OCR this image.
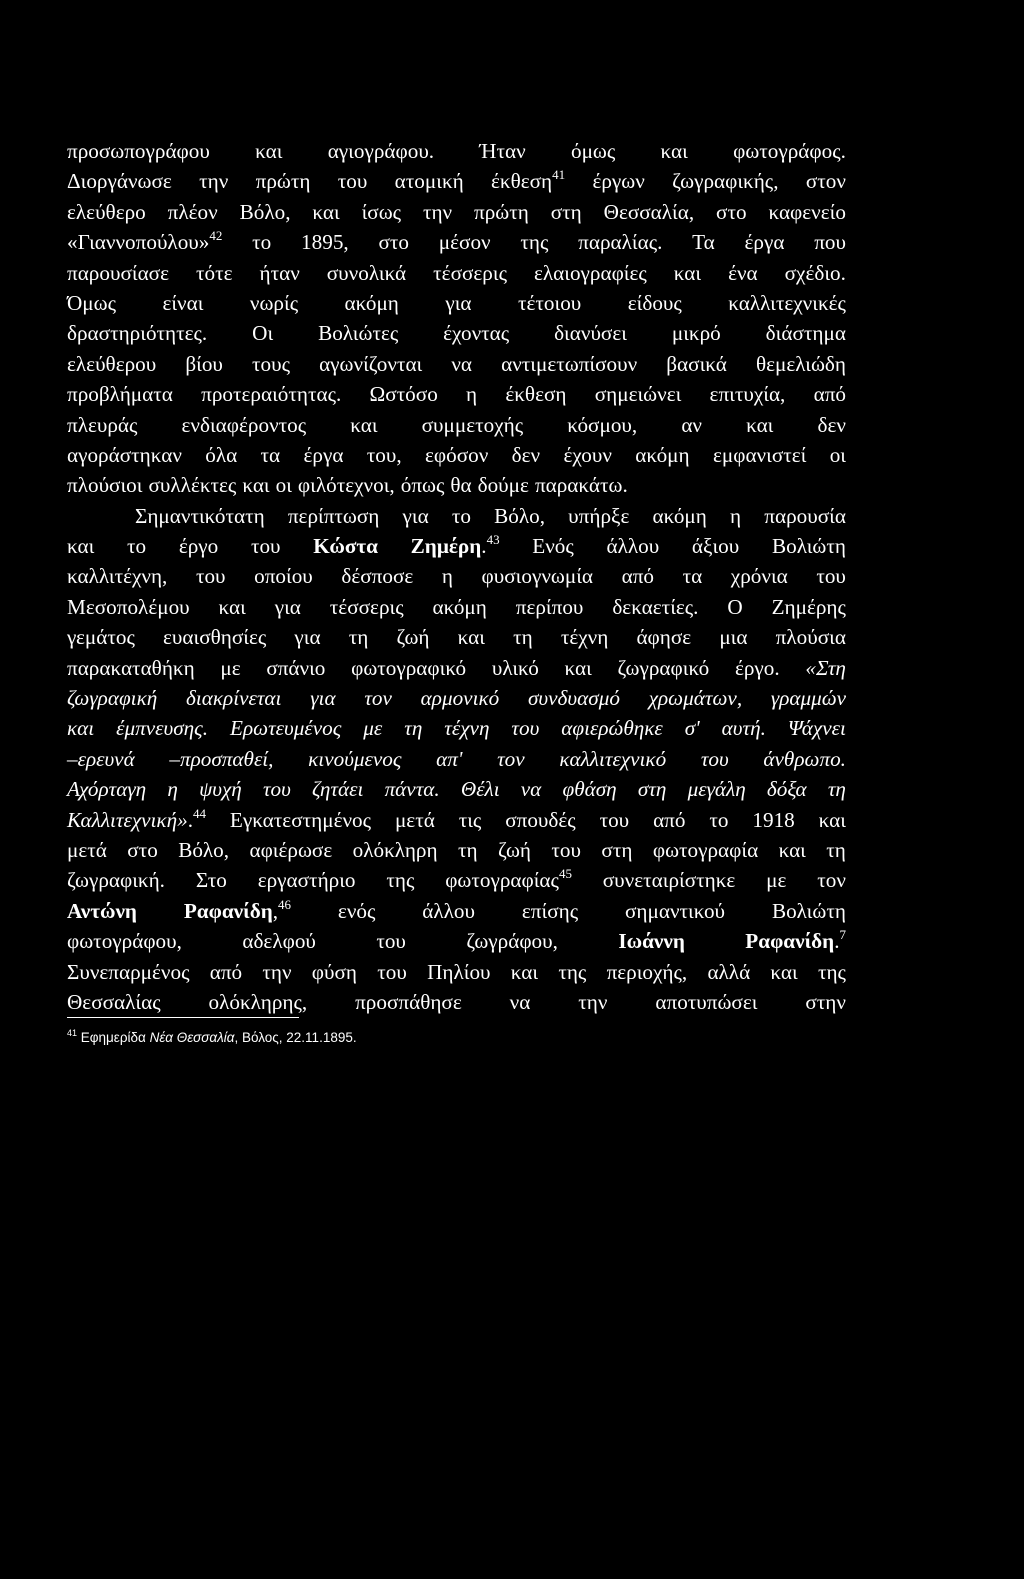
προσωπογράφου και αγιογράφου. Ήταν όμως και φωτογράφος.
Διοργάνωσε την πρώτη του ατομική έκθεση$^{41}$ έργων ζωγραφικής, στον
ελεύθερο πλέον Βόλο, και ίσως την πρώτη στη Θεσσαλία, στο καφενείο
«Γιαννοπούλου»$^{42}$ το 1895, στο μέσον της παραλίας. Τα έργα που
παρουσίασε τότε ήταν συνολικά τέσσερις ελαιογραφίες και ένα σχέδιο.
Όμως είναι νωρίς ακόμη για τέτοιου είδους καλλιτεχνικές
δραστηριότητες. Οι Βολιώτες έχοντας διανύσει μικρό διάστημα
ελεύθερου βίου τους αγωνίζονται να αντιμετωπίσουν βασικά θεμελιώδη
προβλήματα προτεραιότητας. Ωστόσο η έκθεση σημειώνει επιτυχία, από
πλευράς ενδιαφέροντος και συμμετοχής κόσμου, αν και δεν
αγοράστηκαν όλα τα έργα του, εφόσον δεν έχουν ακόμη εμφανιστεί οι
πλούσιοι συλλέκτες και οι φιλότεχνοι, όπως θα δούμε παρακάτω.
Σημαντικότατη περίπτωση για το Βόλο, υπήρξε ακόμη η παρουσία
και το έργο του Κώστα Ζημέρη.$^{43}$ Ενός άλλου άξιου Βολιώτη
καλλιτέχνη, του οποίου δέσποσε η φυσιογνωμία από τα χρόνια του
Μεσοπολέμου και για τέσσερις ακόμη περίπου δεκαετίες. Ο Ζημέρης
γεμάτος ευαισθησίες για τη ζωή και τη τέχνη άφησε μια πλούσια
παρακαταθήκη με σπάνιο φωτογραφικό υλικό και ζωγραφικό έργο. «Στη
ζωγραφική διακρίνεται για τον αρμονικό συνδυασμό χρωμάτων, γραμμών
και έμπνευσης. Ερωτευμένος με τη τέχνη του αφιερώθηκε σ' αυτή. Ψάχνει
–ερευνά –προσπαθεί, κινούμενος απ' τον καλλιτεχνικό του άνθρωπο.
Αχόρταγη η ψυχή του ζητάει πάντα. Θέλι να φθάση στη μεγάλη δόξα τη
Καλλιτεχνική».$^{44}$ Εγκατεστημένος μετά τις σπουδές του από το 1918 και
μετά στο Βόλο, αφιέρωσε ολόκληρη τη ζωή του στη φωτογραφία και τη
ζωγραφική. Στο εργαστήριο της φωτογραφίας$^{45}$ συνεταιρίστηκε με τον
Αντώνη Ραφανίδη,$^{46}$ ενός άλλου επίσης σημαντικού Βολιώτη
φωτογράφου,	αδελφού	του	ζωγράφου,	Ιωάννη	Ραφανίδη.$^7$
Συνεπαρμένος από την φύση του Πηλίου και της περιοχής, αλλά και της
Θεσσαλίας ολόκληρης, προσπάθησε να την αποτυπώσει στην
$^{41}$ Εφημερίδα Νέα Θεσσαλία, Βόλος, 22.11.1895.
